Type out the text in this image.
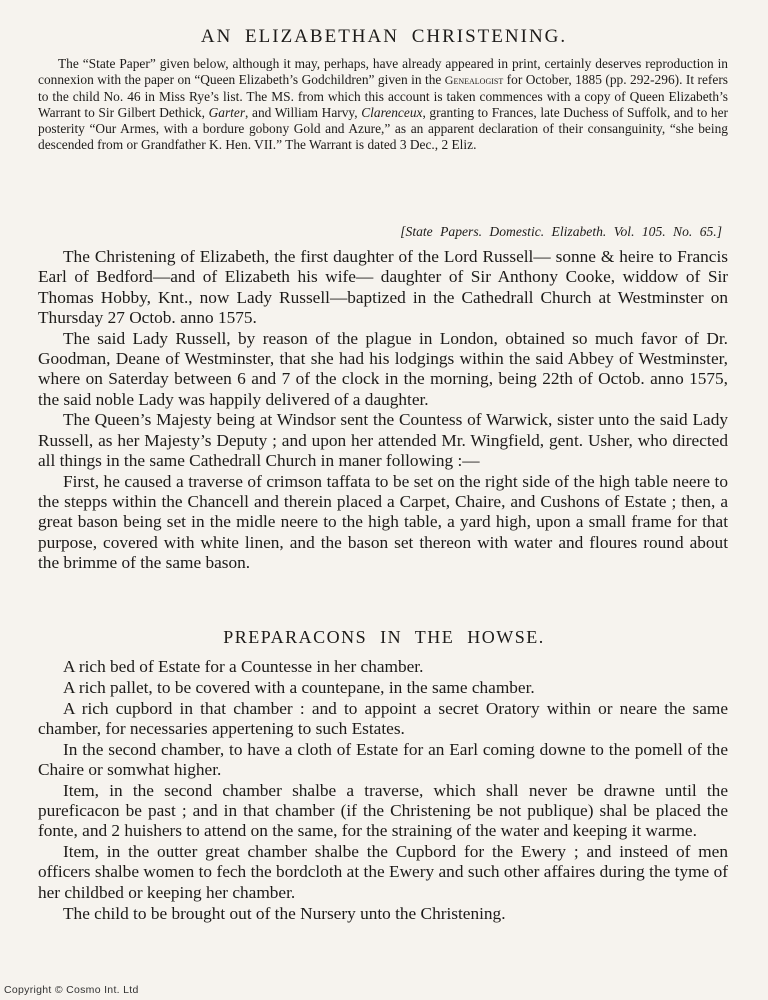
AN ELIZABETHAN CHRISTENING.
The “State Paper” given below, although it may, perhaps, have already appeared in print, certainly deserves reproduction in connexion with the paper on “Queen Elizabeth’s Godchildren” given in the Genealogist for October, 1885 (pp. 292-296). It refers to the child No. 46 in Miss Rye’s list. The MS. from which this account is taken commences with a copy of Queen Elizabeth’s Warrant to Sir Gilbert Dethick, Garter, and William Harvy, Clarenceux, granting to Frances, late Duchess of Suffolk, and to her posterity “Our Armes, with a bordure gobony Gold and Azure,” as an apparent declaration of their consanguinity, “she being descended from or Grandfather K. Hen. VII.” The Warrant is dated 3 Dec., 2 Eliz.
[State Papers. Domestic. Elizabeth. Vol. 105. No. 65.]

The Christening of Elizabeth, the first daughter of the Lord Russell— sonne & heire to Francis Earl of Bedford—and of Elizabeth his wife— daughter of Sir Anthony Cooke, widdow of Sir Thomas Hobby, Knt., now Lady Russell—baptized in the Cathedrall Church at Westminster on Thursday 27 Octob. anno 1575.

The said Lady Russell, by reason of the plague in London, obtained so much favor of Dr. Goodman, Deane of Westminster, that she had his lodgings within the said Abbey of Westminster, where on Saterday between 6 and 7 of the clock in the morning, being 22th of Octob. anno 1575, the said noble Lady was happily delivered of a daughter.

The Queen’s Majesty being at Windsor sent the Countess of Warwick, sister unto the said Lady Russell, as her Majesty’s Deputy ; and upon her attended Mr. Wingfield, gent. Usher, who directed all things in the same Cathedrall Church in maner following :—

First, he caused a traverse of crimson taffata to be set on the right side of the high table neere to the stepps within the Chancell and therein placed a Carpet, Chaire, and Cushons of Estate ; then, a great bason being set in the midle neere to the high table, a yard high, upon a small frame for that purpose, covered with white linen, and the bason set thereon with water and floures round about the brimme of the same bason.

PREPARACONS IN THE HOWSE.

A rich bed of Estate for a Countesse in her chamber.

A rich pallet, to be covered with a countepane, in the same chamber.

A rich cupbord in that chamber : and to appoint a secret Oratory within or neare the same chamber, for necessaries appertening to such Estates.

In the second chamber, to have a cloth of Estate for an Earl coming downe to the pomell of the Chaire or somwhat higher.

Item, in the second chamber shalbe a traverse, which shall never be drawne until the pureficacon be past ; and in that chamber (if the Christening be not publique) shal be placed the fonte, and 2 huishers to attend on the same, for the straining of the water and keeping it warme.

Item, in the outter great chamber shalbe the Cupbord for the Ewery ; and insteed of men officers shalbe women to fech the bordcloth at the Ewery and such other affaires during the tyme of her childbed or keeping her chamber.

The child to be brought out of the Nursery unto the Christening.

Copyright © Cosmo Int. Ltd
